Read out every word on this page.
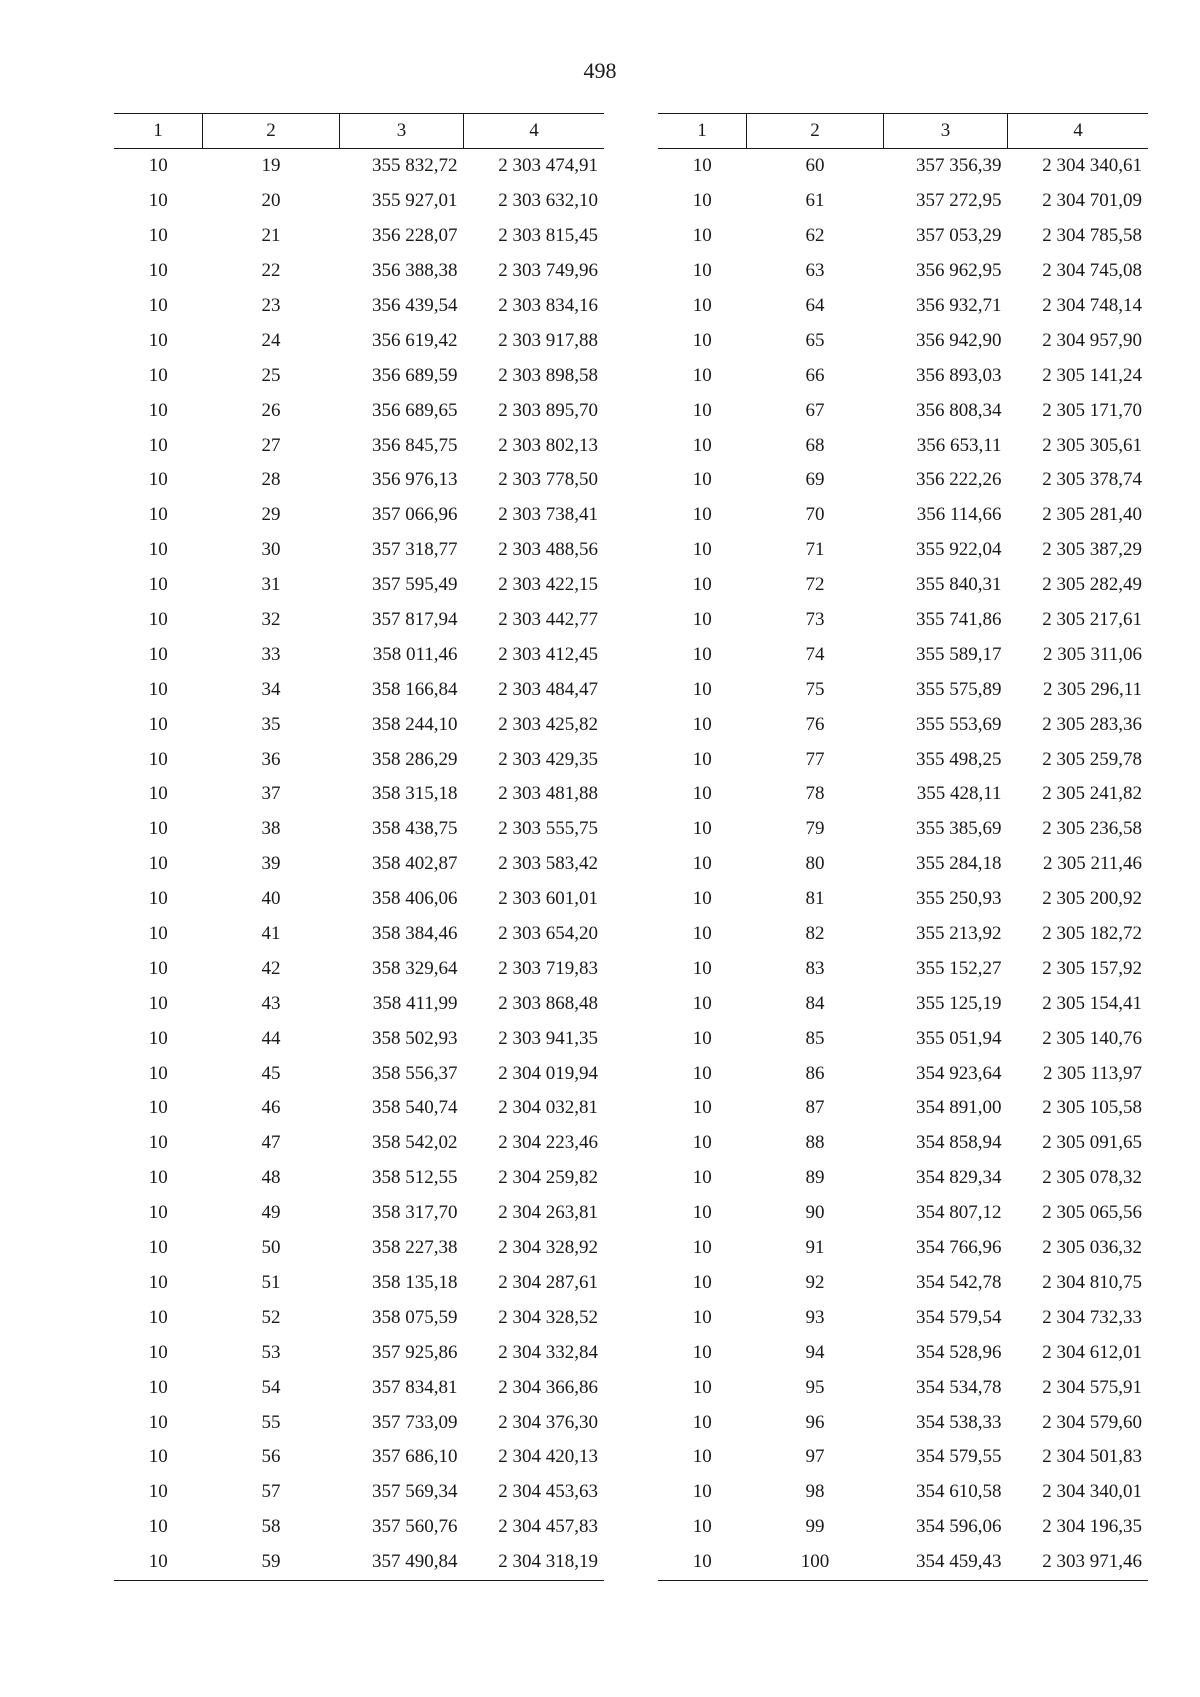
498
1	2	3	4
10	19	355 832,72	2 303 474,91
10	20	355 927,01	2 303 632,10
10	21	356 228,07	2 303 815,45
10	22	356 388,38	2 303 749,96
10	23	356 439,54	2 303 834,16
10	24	356 619,42	2 303 917,88
10	25	356 689,59	2 303 898,58
10	26	356 689,65	2 303 895,70
10	27	356 845,75	2 303 802,13
10	28	356 976,13	2 303 778,50
10	29	357 066,96	2 303 738,41
10	30	357 318,77	2 303 488,56
10	31	357 595,49	2 303 422,15
10	32	357 817,94	2 303 442,77
10	33	358 011,46	2 303 412,45
10	34	358 166,84	2 303 484,47
10	35	358 244,10	2 303 425,82
10	36	358 286,29	2 303 429,35
10	37	358 315,18	2 303 481,88
10	38	358 438,75	2 303 555,75
10	39	358 402,87	2 303 583,42
10	40	358 406,06	2 303 601,01
10	41	358 384,46	2 303 654,20
10	42	358 329,64	2 303 719,83
10	43	358 411,99	2 303 868,48
10	44	358 502,93	2 303 941,35
10	45	358 556,37	2 304 019,94
10	46	358 540,74	2 304 032,81
10	47	358 542,02	2 304 223,46
10	48	358 512,55	2 304 259,82
10	49	358 317,70	2 304 263,81
10	50	358 227,38	2 304 328,92
10	51	358 135,18	2 304 287,61
10	52	358 075,59	2 304 328,52
10	53	357 925,86	2 304 332,84
10	54	357 834,81	2 304 366,86
10	55	357 733,09	2 304 376,30
10	56	357 686,10	2 304 420,13
10	57	357 569,34	2 304 453,63
10	58	357 560,76	2 304 457,83
10	59	357 490,84	2 304 318,19
1	2	3	4
10	60	357 356,39	2 304 340,61
10	61	357 272,95	2 304 701,09
10	62	357 053,29	2 304 785,58
10	63	356 962,95	2 304 745,08
10	64	356 932,71	2 304 748,14
10	65	356 942,90	2 304 957,90
10	66	356 893,03	2 305 141,24
10	67	356 808,34	2 305 171,70
10	68	356 653,11	2 305 305,61
10	69	356 222,26	2 305 378,74
10	70	356 114,66	2 305 281,40
10	71	355 922,04	2 305 387,29
10	72	355 840,31	2 305 282,49
10	73	355 741,86	2 305 217,61
10	74	355 589,17	2 305 311,06
10	75	355 575,89	2 305 296,11
10	76	355 553,69	2 305 283,36
10	77	355 498,25	2 305 259,78
10	78	355 428,11	2 305 241,82
10	79	355 385,69	2 305 236,58
10	80	355 284,18	2 305 211,46
10	81	355 250,93	2 305 200,92
10	82	355 213,92	2 305 182,72
10	83	355 152,27	2 305 157,92
10	84	355 125,19	2 305 154,41
10	85	355 051,94	2 305 140,76
10	86	354 923,64	2 305 113,97
10	87	354 891,00	2 305 105,58
10	88	354 858,94	2 305 091,65
10	89	354 829,34	2 305 078,32
10	90	354 807,12	2 305 065,56
10	91	354 766,96	2 305 036,32
10	92	354 542,78	2 304 810,75
10	93	354 579,54	2 304 732,33
10	94	354 528,96	2 304 612,01
10	95	354 534,78	2 304 575,91
10	96	354 538,33	2 304 579,60
10	97	354 579,55	2 304 501,83
10	98	354 610,58	2 304 340,01
10	99	354 596,06	2 304 196,35
10	100	354 459,43	2 303 971,46
